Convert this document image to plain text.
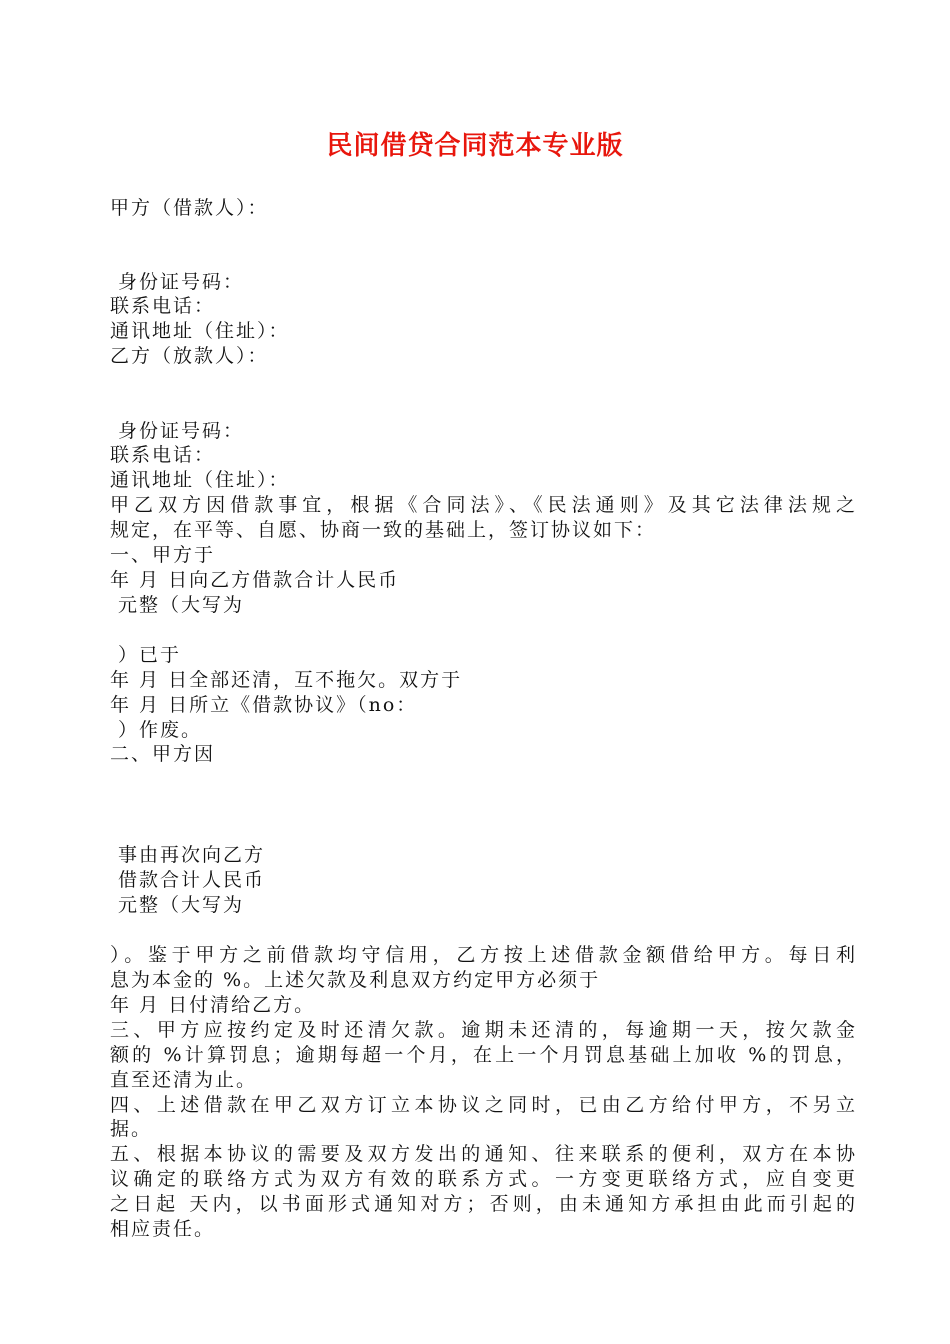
民间借贷合同范本专业版
甲方（借款人）：
身份证号码：
联系电话：
通讯地址（住址）：
乙方（放款人）：
身份证号码：
联系电话：
通讯地址（住址）：
甲乙双方因借款事宜，根据《合同法》、《民法通则》及其它法律法规之
规定，在平等、自愿、协商一致的基础上，签订协议如下：
一、甲方于
年 月 日向乙方借款合计人民币
元整（大写为
）已于
年 月 日全部还清，互不拖欠。双方于
年 月 日所立《借款协议》（no：
）作废。
二、甲方因
事由再次向乙方
借款合计人民币
元整（大写为
）。鉴于甲方之前借款均守信用，乙方按上述借款金额借给甲方。每日利
息为本金的 %。上述欠款及利息双方约定甲方必须于
年 月 日付清给乙方。
三、甲方应按约定及时还清欠款。逾期未还清的，每逾期一天，按欠款金
额的 %计算罚息；逾期每超一个月，在上一个月罚息基础上加收 %的罚息，
直至还清为止。
四、上述借款在甲乙双方订立本协议之同时，已由乙方给付甲方，不另立
据。
五、根据本协议的需要及双方发出的通知、往来联系的便利，双方在本协
议确定的联络方式为双方有效的联系方式。一方变更联络方式，应自变更
之日起 天内，以书面形式通知对方；否则，由未通知方承担由此而引起的
相应责任。
